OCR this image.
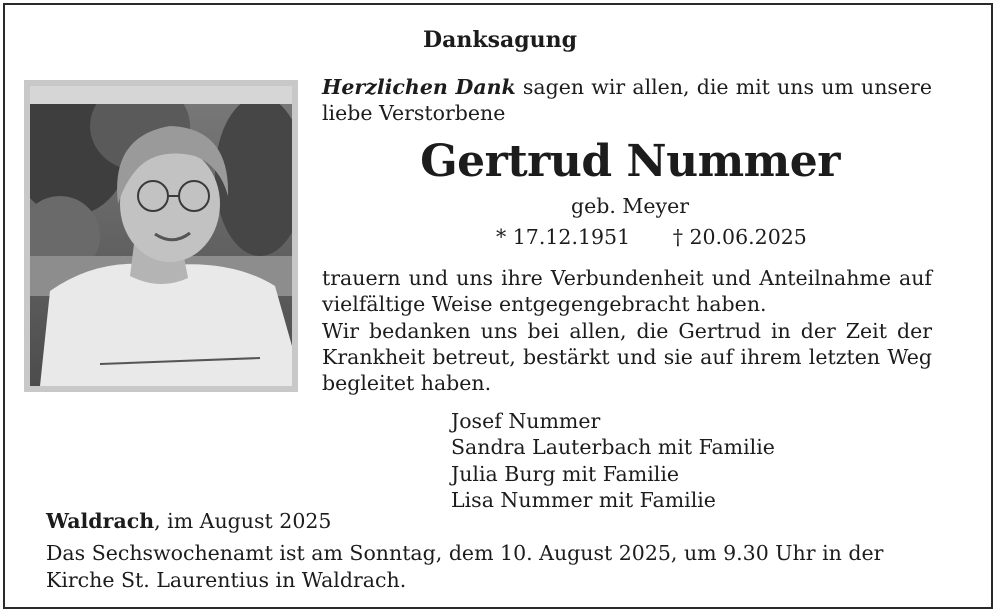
Danksagung
Herzlichen Dank sagen wir allen, die mit uns um unsere liebe Verstorbene
Gertrud Nummer
geb. Meyer
* 17.12.1951 † 20.06.2025

trauern und uns ihre Verbundenheit und Anteilnahme auf vielfältige Weise entgegengebracht haben.

Wir bedanken uns bei allen, die Gertrud in der Zeit der Krankheit betreut, bestärkt und sie auf ihrem letzten Weg begleitet haben.

Josef Nummer
Sandra Lauterbach mit Familie
Julia Burg mit Familie
Lisa Nummer mit Familie
Waldrach, im August 2025
Das Sechswochenamt ist am Sonntag, dem 10. August 2025, um 9.30 Uhr in der Kirche St. Laurentius in Waldrach.
